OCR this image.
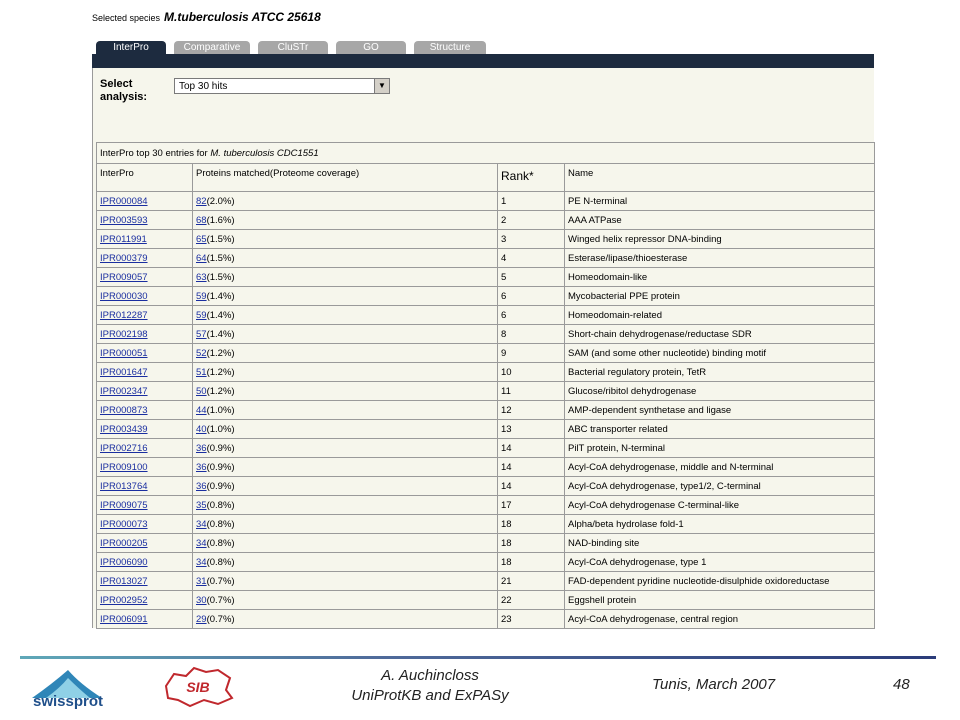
Selected species M.tuberculosis ATCC 25618
InterPro	Comparative	CluSTr	GO	Structure
Select
analysis:
Top 30 hits	▼
InterPro top 30 entries for M. tuberculosis CDC1551			
InterPro	Proteins matched(Proteome coverage)	Rank*	Name
IPR000084	82(2.0%)	1	PE N-terminal
IPR003593	68(1.6%)	2	AAA ATPase
IPR011991	65(1.5%)	3	Winged helix repressor DNA-binding
IPR000379	64(1.5%)	4	Esterase/lipase/thioesterase
IPR009057	63(1.5%)	5	Homeodomain-like
IPR000030	59(1.4%)	6	Mycobacterial PPE protein
IPR012287	59(1.4%)	6	Homeodomain-related
IPR002198	57(1.4%)	8	Short-chain dehydrogenase/reductase SDR
IPR000051	52(1.2%)	9	SAM (and some other nucleotide) binding motif
IPR001647	51(1.2%)	10	Bacterial regulatory protein, TetR
IPR002347	50(1.2%)	11	Glucose/ribitol dehydrogenase
IPR000873	44(1.0%)	12	AMP-dependent synthetase and ligase
IPR003439	40(1.0%)	13	ABC transporter related
IPR002716	36(0.9%)	14	PilT protein, N-terminal
IPR009100	36(0.9%)	14	Acyl-CoA dehydrogenase, middle and N-terminal
IPR013764	36(0.9%)	14	Acyl-CoA dehydrogenase, type1/2, C-terminal
IPR009075	35(0.8%)	17	Acyl-CoA dehydrogenase C-terminal-like
IPR000073	34(0.8%)	18	Alpha/beta hydrolase fold-1
IPR000205	34(0.8%)	18	NAD-binding site
IPR006090	34(0.8%)	18	Acyl-CoA dehydrogenase, type 1
IPR013027	31(0.7%)	21	FAD-dependent pyridine nucleotide-disulphide oxidoreductase
IPR002952	30(0.7%)	22	Eggshell protein
IPR006091	29(0.7%)	23	Acyl-CoA dehydrogenase, central region
swissprot
SIB
A. Auchincloss
UniProtKB and ExPASy
Tunis, March 2007	48
